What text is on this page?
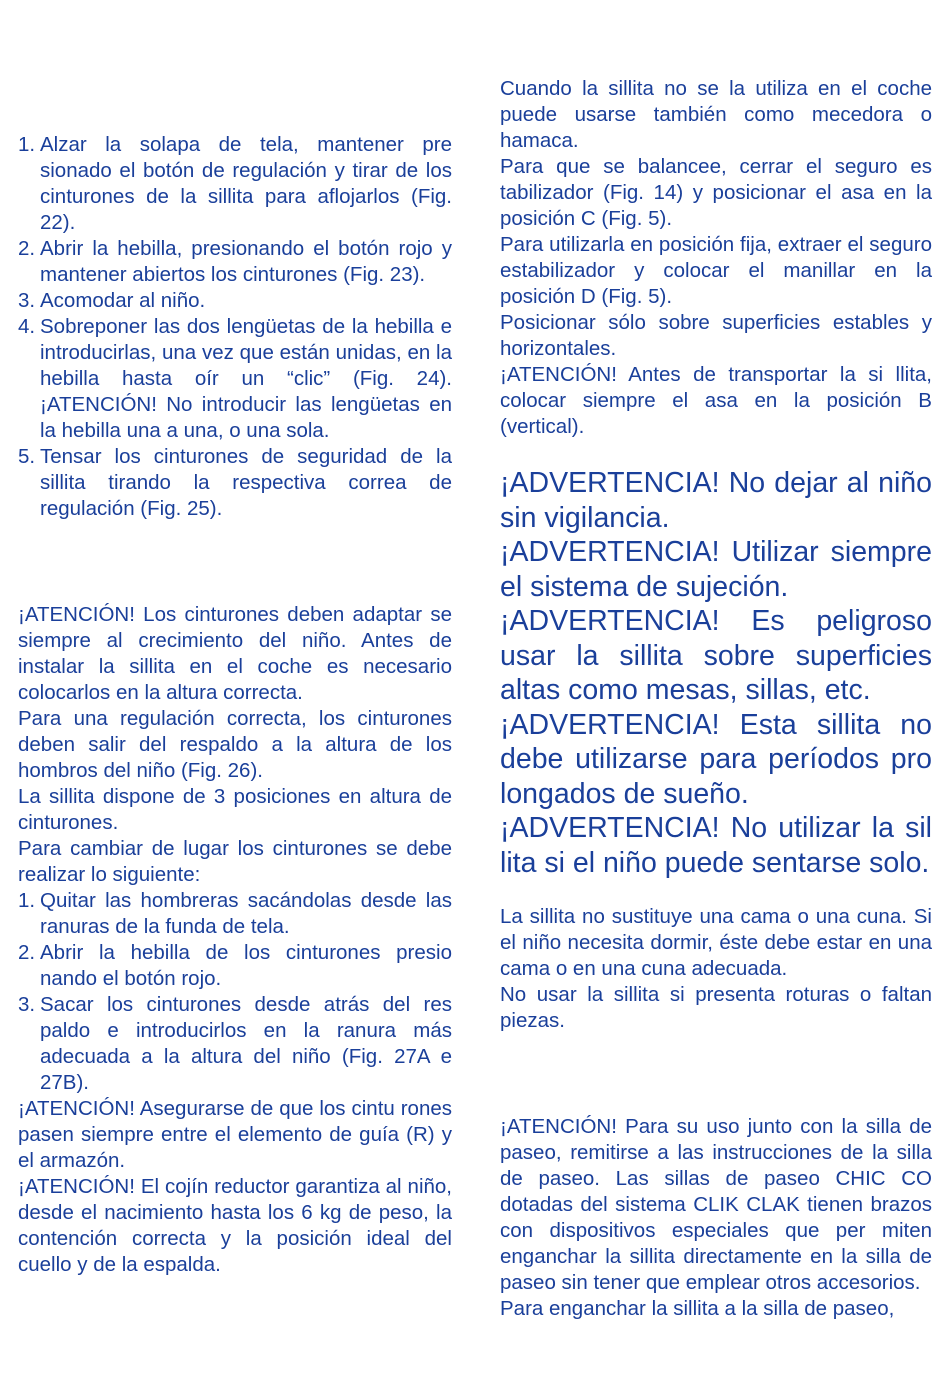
1. Alzar la solapa de tela, mantener pre sionado el botón de regulación y tirar de los cinturones de la sillita para aflojarlos (Fig. 22).
2. Abrir la hebilla, presionando el botón rojo y mantener abiertos los cinturones (Fig. 23).
3. Acomodar al niño.
4. Sobreponer las dos lengüetas de la hebilla e introducirlas, una vez que están unidas, en la hebilla hasta oír un “clic” (Fig. 24). ¡ATENCIÓN! No introducir las lengüetas en la hebilla una a una, o una sola.
5. Tensar los cinturones de seguridad de la sillita tirando la respectiva correa de regulación (Fig. 25).

¡ATENCIÓN! Los cinturones deben adaptar se siempre al crecimiento del niño. Antes de instalar la sillita en el coche es necesario colocarlos en la altura correcta.

Para una regulación correcta, los cinturones deben salir del respaldo a la altura de los hombros del niño (Fig. 26).

La sillita dispone de 3 posiciones en altura de cinturones.

Para cambiar de lugar los cinturones se debe realizar lo siguiente:

1. Quitar las hombreras sacándolas desde las ranuras de la funda de tela.
2. Abrir la hebilla de los cinturones presio nando el botón rojo.
3. Sacar los cinturones desde atrás del res paldo e introducirlos en la ranura más adecuada a la altura del niño (Fig. 27A e 27B).

¡ATENCIÓN! Asegurarse de que los cintu rones pasen siempre entre el elemento de guía (R) y el armazón.

¡ATENCIÓN! El cojín reductor garantiza al niño, desde el nacimiento hasta los 6 kg de peso, la contención correcta y la posición ideal del cuello y de la espalda.

Cuando la sillita no se la utiliza en el coche puede usarse también como mecedora o hamaca.

Para que se balancee, cerrar el seguro es tabilizador (Fig. 14) y posicionar el asa en la posición C (Fig. 5).

Para utilizarla en posición fija, extraer el seguro estabilizador y colocar el manillar en la posición D (Fig. 5).

Posicionar sólo sobre superficies estables y horizontales.

¡ATENCIÓN! Antes de transportar la si llita, colocar siempre el asa en la posición B (vertical).

¡ADVERTENCIA! No dejar al niño sin vigilancia.

¡ADVERTENCIA! Utilizar siempre el sistema de sujeción.

¡ADVERTENCIA! Es peligroso usar la sillita sobre superficies altas como mesas, sillas, etc.

¡ADVERTENCIA! Esta sillita no debe utilizarse para períodos pro longados de sueño.

¡ADVERTENCIA! No utilizar la sil lita si el niño puede sentarse solo.

La sillita no sustituye una cama o una cuna. Si el niño necesita dormir, éste debe estar en una cama o en una cuna adecuada.

No usar la sillita si presenta roturas o faltan piezas.

¡ATENCIÓN! Para su uso junto con la silla de paseo, remitirse a las instrucciones de la silla de paseo. Las sillas de paseo CHIC CO dotadas del sistema CLIK CLAK tienen brazos con dispositivos especiales que per miten enganchar la sillita directamente en la silla de paseo sin tener que emplear otros accesorios.

Para enganchar la sillita a la silla de paseo,
